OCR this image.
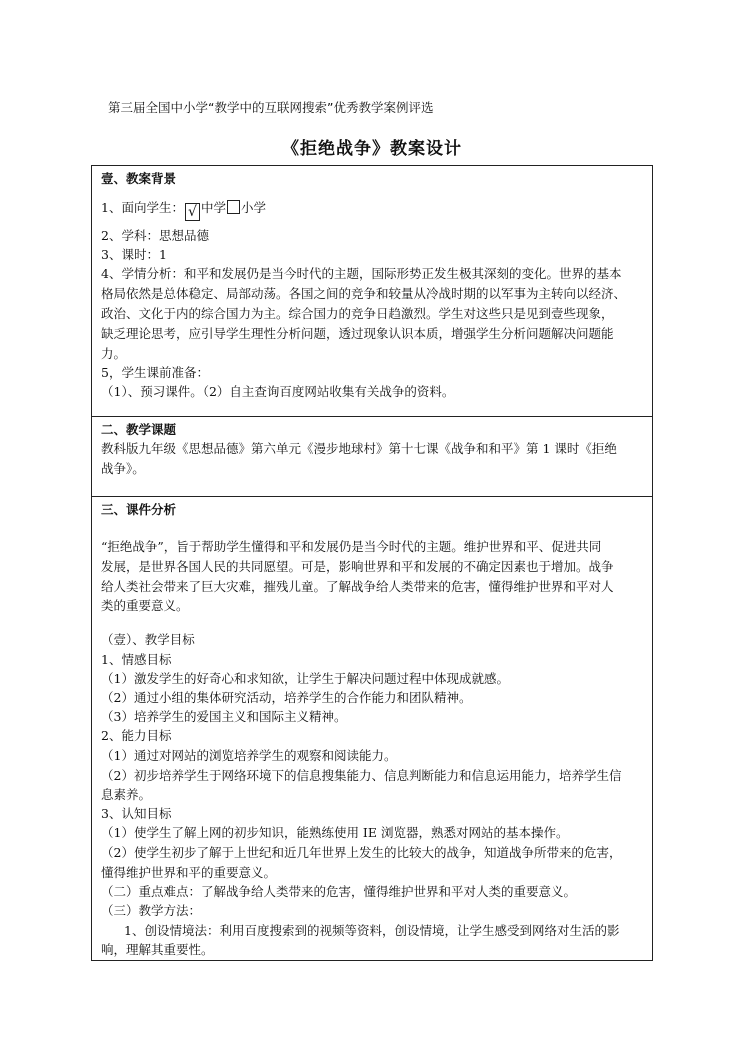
第三届全国中小学“教学中的互联网搜索”优秀教学案例评选
《拒绝战争》教案设计
壹、教案背景
1、面向学生： √ 中学 小学
2、学科：思想品德
3、课时：1
4、学情分析：和平和发展仍是当今时代的主题，国际形势正发生极其深刻的变化。世界的基本
格局依然是总体稳定、局部动荡。各国之间的竞争和较量从冷战时期的以军事为主转向以经济、
政治、文化于内的综合国力为主。综合国力的竞争日趋激烈。学生对这些只是见到壹些现象，
缺乏理论思考，应引导学生理性分析问题，透过现象认识本质，增强学生分析问题解决问题能
力。
5，学生课前准备：
（1）、预习课件。（2）自主查询百度网站收集有关战争的资料。
二、教学课题
教科版九年级《思想品德》第六单元《漫步地球村》第十七课《战争和和平》第 1 课时《拒绝
战争》。
三、课件分析
“拒绝战争”，旨于帮助学生懂得和平和发展仍是当今时代的主题。维护世界和平、促进共同
发展，是世界各国人民的共同愿望。可是，影响世界和平和发展的不确定因素也于增加。战争
给人类社会带来了巨大灾难，摧残儿童。了解战争给人类带来的危害，懂得维护世界和平对人
类的重要意义。
（壹）、教学目标
1、情感目标
（1）激发学生的好奇心和求知欲，让学生于解决问题过程中体现成就感。
（2）通过小组的集体研究活动，培养学生的合作能力和团队精神。
（3）培养学生的爱国主义和国际主义精神。
2、能力目标
（1）通过对网站的浏览培养学生的观察和阅读能力。
（2）初步培养学生于网络环境下的信息搜集能力、信息判断能力和信息运用能力，培养学生信
息素养。
3、认知目标
（1）使学生了解上网的初步知识，能熟练使用 IE 浏览器，熟悉对网站的基本操作。
（2）使学生初步了解于上世纪和近几年世界上发生的比较大的战争，知道战争所带来的危害，
懂得维护世界和平的重要意义。
（二）重点难点：了解战争给人类带来的危害，懂得维护世界和平对人类的重要意义。
（三）教学方法：
1、创设情境法：利用百度搜索到的视频等资料，创设情境，让学生感受到网络对生活的影
响，理解其重要性。
